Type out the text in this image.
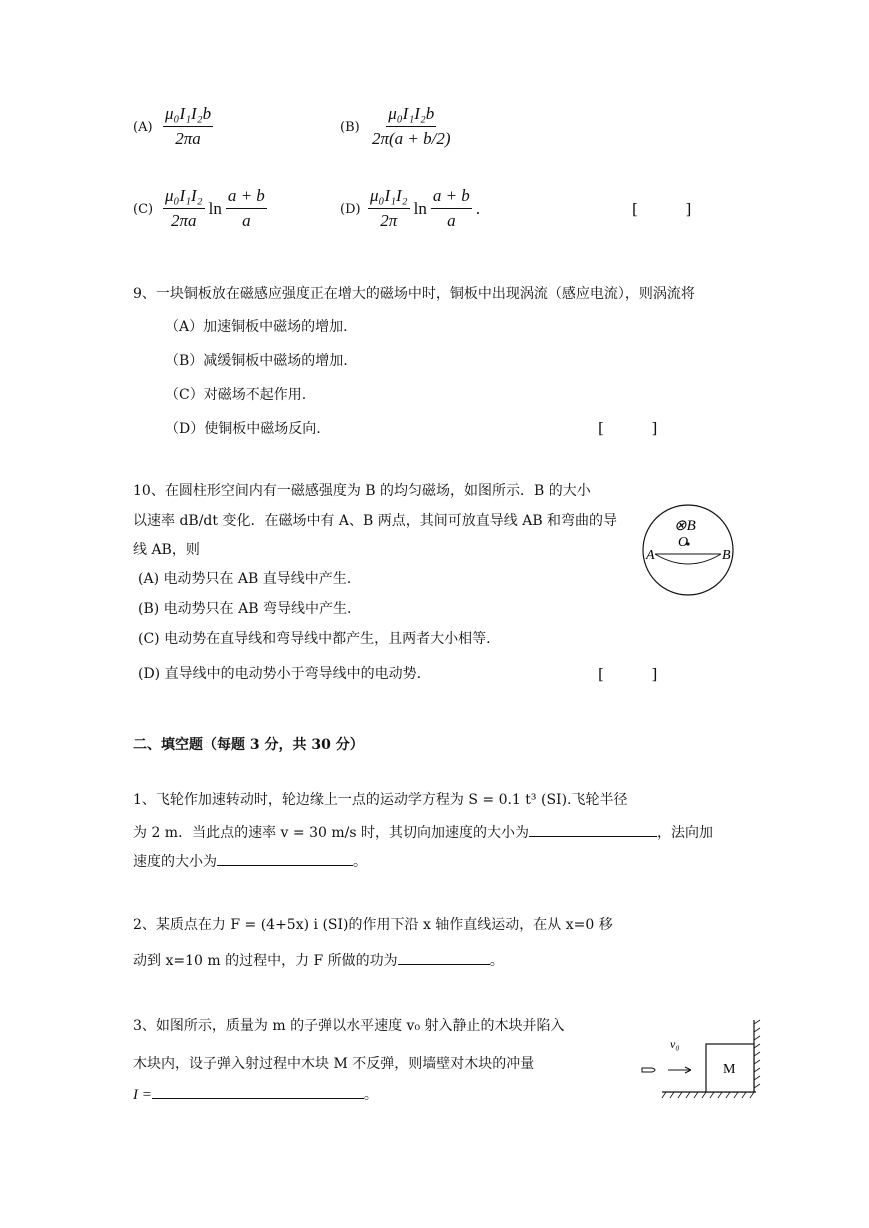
$(A) \frac{\text{μ₀I₁I₂b}}{2\pi a}$	$(B) \frac{\text{μ₀I₁I₂b}}{2\pi(a + b/2)}$
$(C) \frac{\text{μ₀I₁I₂}}{2\pi a}$ $\ln \frac{a + b}{a}$	$(D) \frac{\text{μ₀I₁I₂}}{2\pi}$ $\ln \frac{a + b}{a}$ .	[          ]
9、一块铜板放在磁感应强度正在增大的磁场中时，铜板中出现涡流（感应电流），则涡流将
（A）加速铜板中磁场的增加.
（B）减缓铜板中磁场的增加.
（C）对磁场不起作用.
（D）使铜板中磁场反向.	[          ]
10、在圆柱形空间内有一磁感强度为 B 的均匀磁场，如图所示．B 的大小
以速率 dB/dt 变化．在磁场中有 A、B 两点，其间可放直导线 AB 和弯曲的导
线 AB，则
(A) 电动势只在 AB 直导线中产生.
(B) 电动势只在 AB 弯导线中产生.
(C) 电动势在直导线和弯导线中都产生，且两者大小相等.
(D) 直导线中的电动势小于弯导线中的电动势.	[          ]
⊗B
O
A	B
二、填空题（每题 3 分，共 30 分）
1、飞轮作加速转动时，轮边缘上一点的运动学方程为 S = 0.1 t³ (SI).飞轮半径
为 2 m．当此点的速率 v = 30 m/s 时，其切向加速度的大小为	，法向加
速度的大小为	。
2、某质点在力 F = (4+5x) i (SI)的作用下沿 x 轴作直线运动，在从 x=0 移
动到 x=10 m 的过程中，力 F 所做的功为	。
3、如图所示，质量为 m 的子弹以水平速度 v₀ 射入静止的木块并陷入
木块内，设子弹入射过程中木块 M 不反弹，则墙壁对木块的冲量
I =	。
M
v₀
